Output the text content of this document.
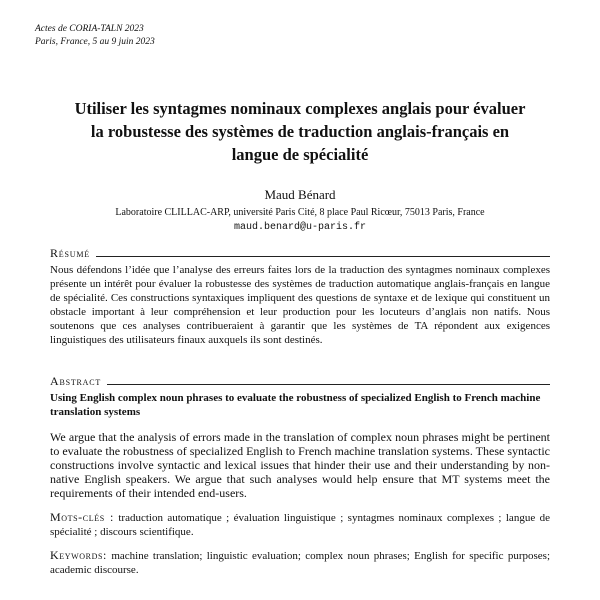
Actes de CORIA-TALN 2023
Paris, France, 5 au 9 juin 2023
Utiliser les syntagmes nominaux complexes anglais pour évaluer
la robustesse des systèmes de traduction anglais-français en
langue de spécialité
Maud Bénard
Laboratoire CLILLAC-ARP, université Paris Cité, 8 place Paul Ricœur, 75013 Paris, France
maud.benard@u-paris.fr
Résumé
Nous défendons l’idée que l’analyse des erreurs faites lors de la traduction des syntagmes nominaux complexes présente un intérêt pour évaluer la robustesse des systèmes de traduction automatique anglais-français en langue de spécialité. Ces constructions syntaxiques impliquent des questions de syntaxe et de lexique qui constituent un obstacle important à leur compréhension et leur production pour les locuteurs d’anglais non natifs. Nous soutenons que ces analyses contribueraient à garantir que les systèmes de TA répondent aux exigences linguistiques des utilisateurs finaux auxquels ils sont destinés.
Abstract
Using English complex noun phrases to evaluate the robustness of specialized English to French machine translation systems
We argue that the analysis of errors made in the translation of complex noun phrases might be pertinent to evaluate the robustness of specialized English to French machine translation systems. These syntactic constructions involve syntactic and lexical issues that hinder their use and their understanding by non-native English speakers. We argue that such analyses would help ensure that MT systems meet the requirements of their intended end-users.
Mots-clés : traduction automatique ; évaluation linguistique ; syntagmes nominaux complexes ; langue de spécialité ; discours scientifique.
Keywords: machine translation; linguistic evaluation; complex noun phrases; English for specific purposes; academic discourse.
